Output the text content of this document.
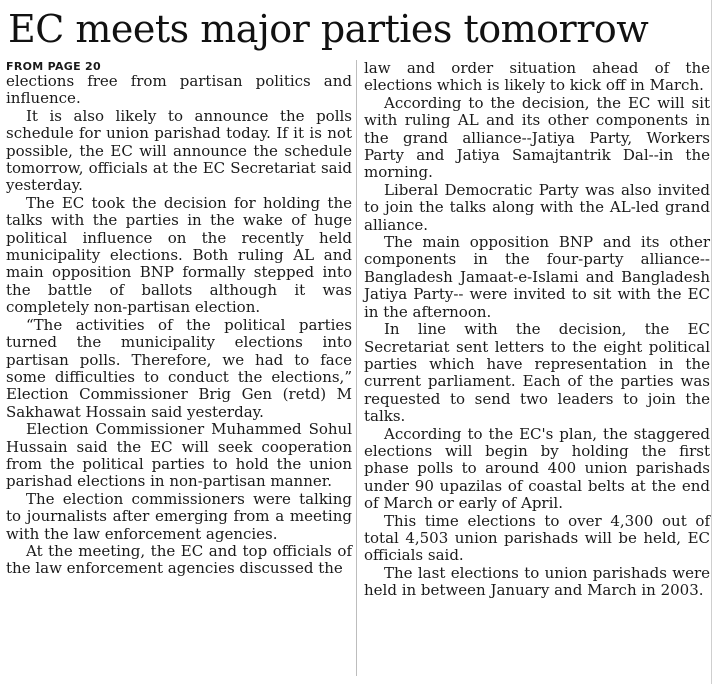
EC meets major parties tomorrow
FROM PAGE 20

elections free from partisan politics and influence.

It is also likely to announce the polls schedule for union parishad today. If it is not possible, the EC will announce the schedule tomorrow, officials at the EC Secretariat said yesterday.

The EC took the decision for holding the talks with the parties in the wake of huge political influence on the recently held municipality elections. Both ruling AL and main opposition BNP formally stepped into the battle of ballots although it was completely non-partisan election.

“The activities of the political parties turned the municipality elections into partisan polls. Therefore, we had to face some difficulties to conduct the elections,” Election Commissioner Brig Gen (retd) M Sakhawat Hossain said yesterday.

Election Commissioner Muhammed Sohul Hussain said the EC will seek cooperation from the political parties to hold the union parishad elections in non-partisan manner.

The election commissioners were talking to journalists after emerging from a meeting with the law enforcement agencies.

At the meeting, the EC and top officials of the law enforcement agencies discussed the

law and order situation ahead of the elections which is likely to kick off in March.

According to the decision, the EC will sit with ruling AL and its other components in the grand alliance--Jatiya Party, Workers Party and Jatiya Samajtantrik Dal--in the morning.

Liberal Democratic Party was also invited to join the talks along with the AL-led grand alliance.

The main opposition BNP and its other components in the four-party alliance--Bangladesh Jamaat-e-Islami and Bangladesh Jatiya Party-- were invited to sit with the EC in the afternoon.

In line with the decision, the EC Secretariat sent letters to the eight political parties which have representation in the current parliament. Each of the parties was requested to send two leaders to join the talks.

According to the EC's plan, the staggered elections will begin by holding the first phase polls to around 400 union parishads under 90 upazilas of coastal belts at the end of March or early of April.

This time elections to over 4,300 out of total 4,503 union parishads will be held, EC officials said.

The last elections to union parishads were held in between January and March in 2003.
